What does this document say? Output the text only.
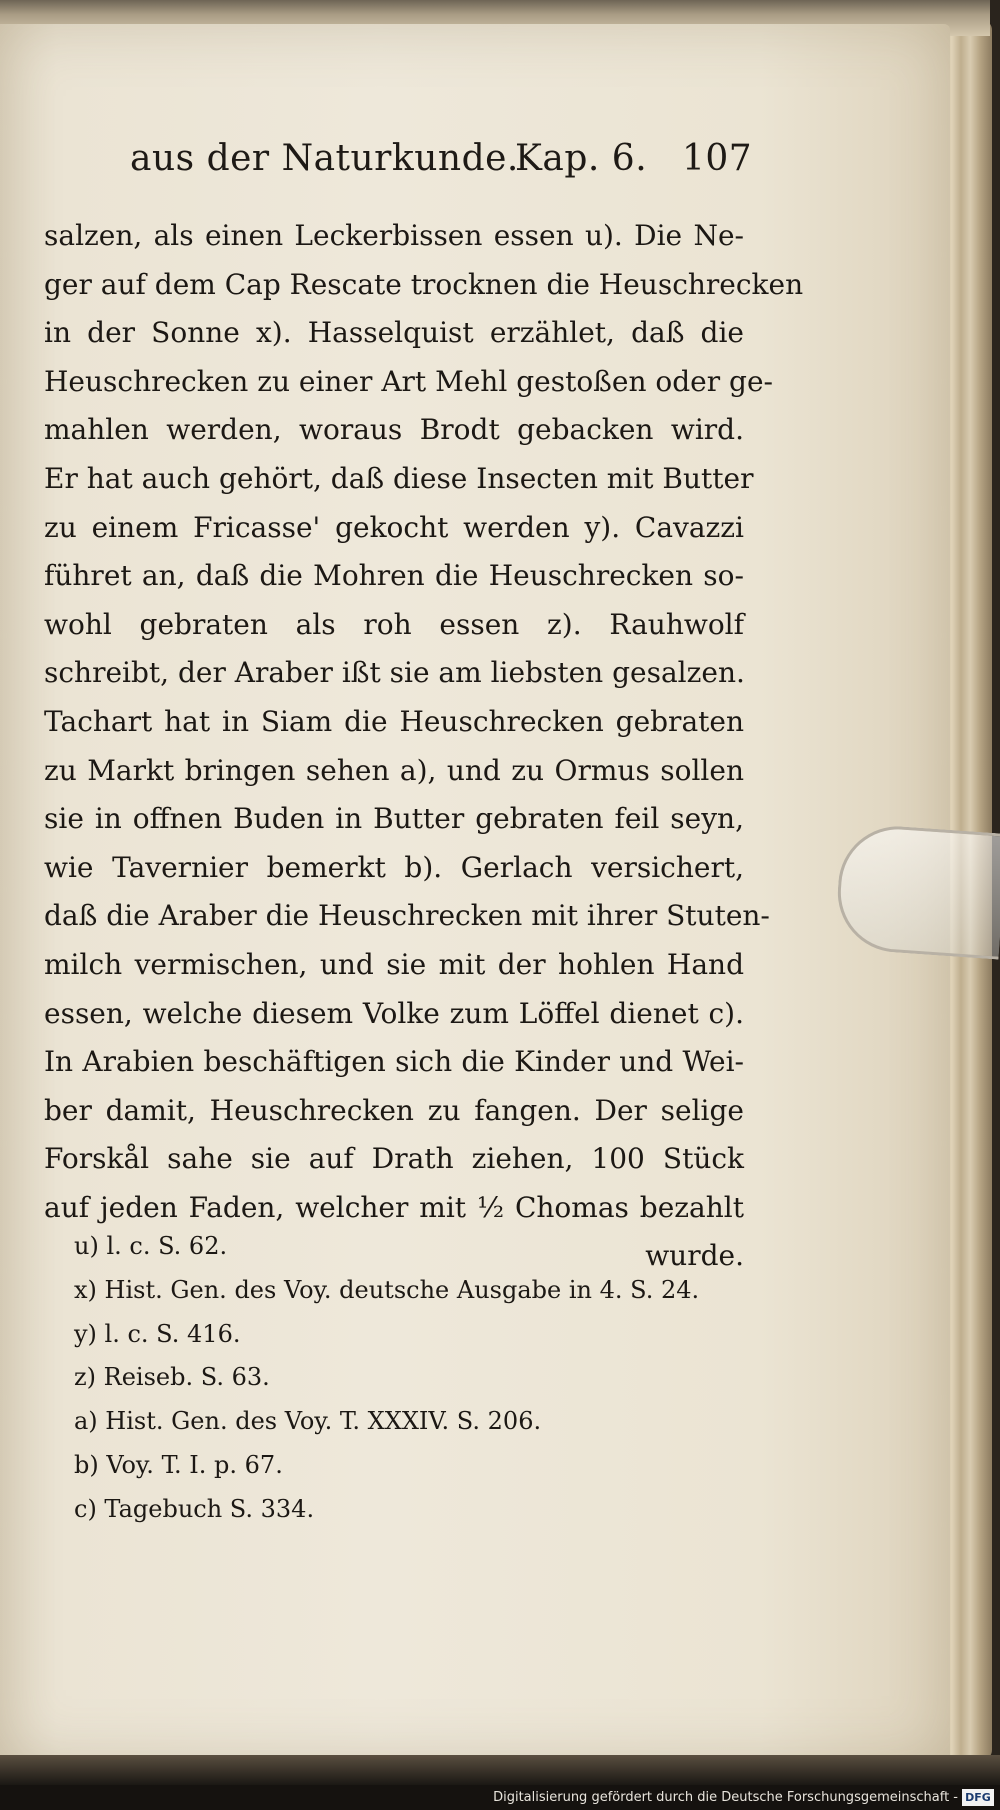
aus der Naturkunde.
Kap. 6. 107
salzen, als einen Leckerbissen essen u). Die Ne-
ger auf dem Cap Rescate trocknen die Heuschrecken
in der Sonne x). Hasselquist erzählet, daß die
Heuschrecken zu einer Art Mehl gestoßen oder ge-
mahlen werden, woraus Brodt gebacken wird.
Er hat auch gehört, daß diese Insecten mit Butter
zu einem Fricasse' gekocht werden y). Cavazzi
führet an, daß die Mohren die Heuschrecken so-
wohl gebraten als roh essen z). Rauhwolf
schreibt, der Araber ißt sie am liebsten gesalzen.
Tachart hat in Siam die Heuschrecken gebraten
zu Markt bringen sehen a), und zu Ormus sollen
sie in offnen Buden in Butter gebraten feil seyn,
wie Tavernier bemerkt b). Gerlach versichert,
daß die Araber die Heuschrecken mit ihrer Stuten-
milch vermischen, und sie mit der hohlen Hand
essen, welche diesem Volke zum Löffel dienet c).
In Arabien beschäftigen sich die Kinder und Wei-
ber damit, Heuschrecken zu fangen. Der selige
Forskål sahe sie auf Drath ziehen, 100 Stück
auf jeden Faden, welcher mit ½ Chomas bezahlt
wurde.
u) l. c. S. 62.
x) Hist. Gen. des Voy. deutsche Ausgabe in 4. S. 24.
y) l. c. S. 416.
z) Reiseb. S. 63.
a) Hist. Gen. des Voy. T. XXXIV. S. 206.
b) Voy. T. I. p. 67.
c) Tagebuch S. 334.
Digitalisierung gefördert durch die Deutsche Forschungsgemeinschaft - DFG
